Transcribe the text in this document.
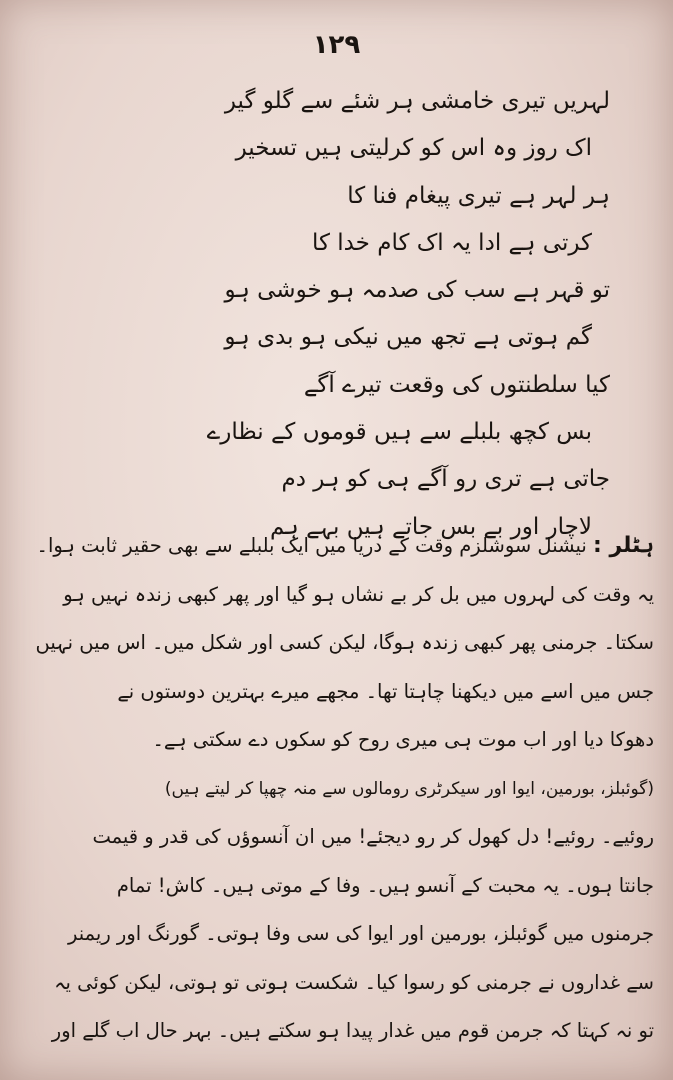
۱۲۹
لہریں تیری خامشی ہر شئے سے گلو گیر
اک روز وہ اس کو کرلیتی ہیں تسخیر
ہر لہر ہے تیری پیغام فنا کا
کرتی ہے ادا یہ اک کام خدا کا
تو قہر ہے سب کی صدمہ ہو خوشی ہو
گم ہوتی ہے تجھ میں نیکی ہو بدی ہو
کیا سلطنتوں کی وقعت تیرے آگے
بس کچھ بلبلے سے ہیں قوموں کے نظارے
جاتی ہے تری رو آگے ہی کو ہر دم
لاچار اور بے بس جاتے ہیں بہے ہم
ہٹلر : نیشنل سوشلزم وقت کے دریا میں ایک بلبلے سے بھی حقیر ثابت ہوا۔
یہ وقت کی لہروں میں بل کر بے نشاں ہو گیا اور پھر کبھی زندہ نہیں ہو
سکتا۔ جرمنی پھر کبھی زندہ ہوگا، لیکن کسی اور شکل میں۔ اس میں نہیں
جس میں اسے میں دیکھنا چاہتا تھا۔ مجھے میرے بہترین دوستوں نے
دھوکا دیا اور اب موت ہی میری روح کو سکوں دے سکتی ہے۔
(گوئبلز، بورمین، ایوا اور سیکرٹری رومالوں سے منہ چھپا کر لیتے ہیں)
روئیے۔ روئیے! دل کھول کر رو دیجئے! میں ان آنسوؤں کی قدر و قیمت
جانتا ہوں۔ یہ محبت کے آنسو ہیں۔ وفا کے موتی ہیں۔ کاش! تمام
جرمنوں میں گوئبلز، بورمین اور ایوا کی سی وفا ہوتی۔ گورنگ اور ریمنر
سے غداروں نے جرمنی کو رسوا کیا۔ شکست ہوتی تو ہوتی، لیکن کوئی یہ
تو نہ کہتا کہ جرمن قوم میں غدار پیدا ہو سکتے ہیں۔ بہر حال اب گلے اور
